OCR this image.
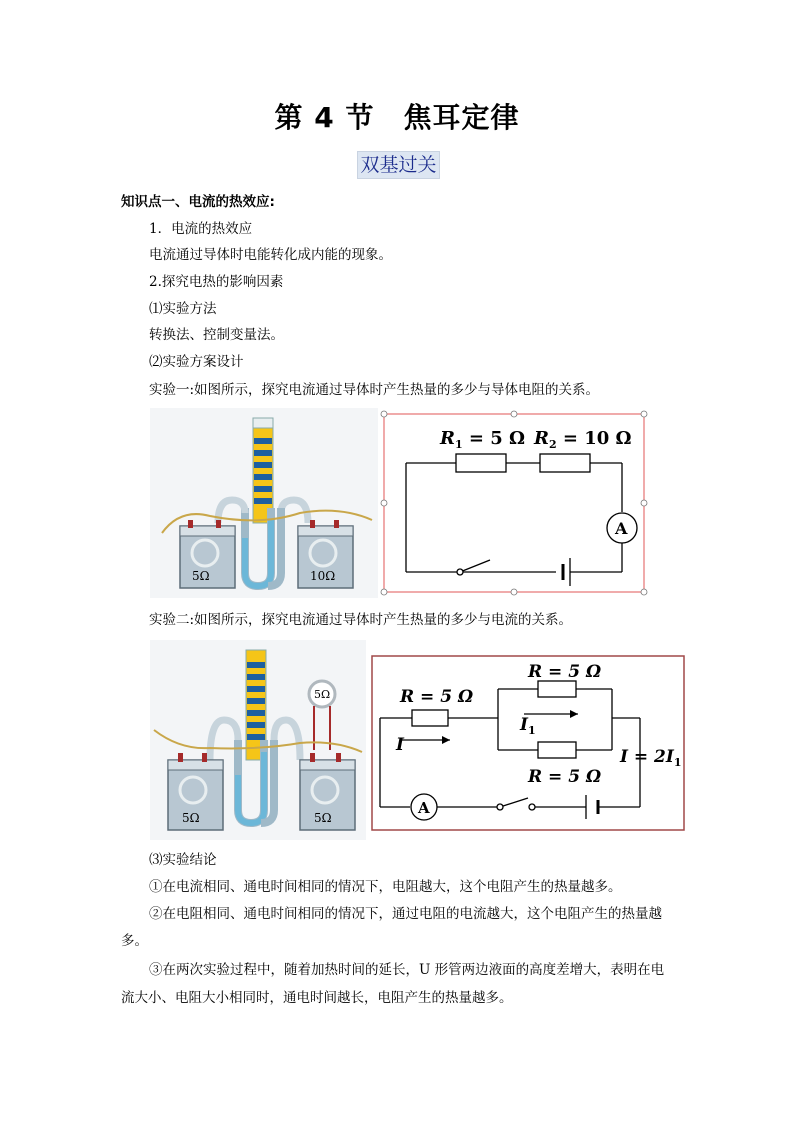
第 4 节　焦耳定律
双基过关
知识点一、电流的热效应:
1．电流的热效应
电流通过导体时电能转化成内能的现象。
2.探究电热的影响因素
⑴实验方法
转换法、控制变量法。
⑵实验方案设计
实验一:如图所示，探究电流通过导体时产生热量的多少与导体电阻的关系。
5Ω	10Ω
$R_1 = 5$ Ω $R_2 = 10$ Ω
A
实验二:如图所示，探究电流通过导体时产生热量的多少与电流的关系。
5Ω	5Ω
5Ω	R = 5 Ω
R = 5 Ω
R = 5 Ω
I
$I_1$
$I = 2I_1$
A
⑶实验结论
①在电流相同、通电时间相同的情况下，电阻越大，这个电阻产生的热量越多。
②在电阻相同、通电时间相同的情况下，通过电阻的电流越大，这个电阻产生的热量越
多。
③在两次实验过程中，随着加热时间的延长，U 形管两边液面的高度差增大，表明在电
流大小、电阻大小相同时，通电时间越长，电阻产生的热量越多。
